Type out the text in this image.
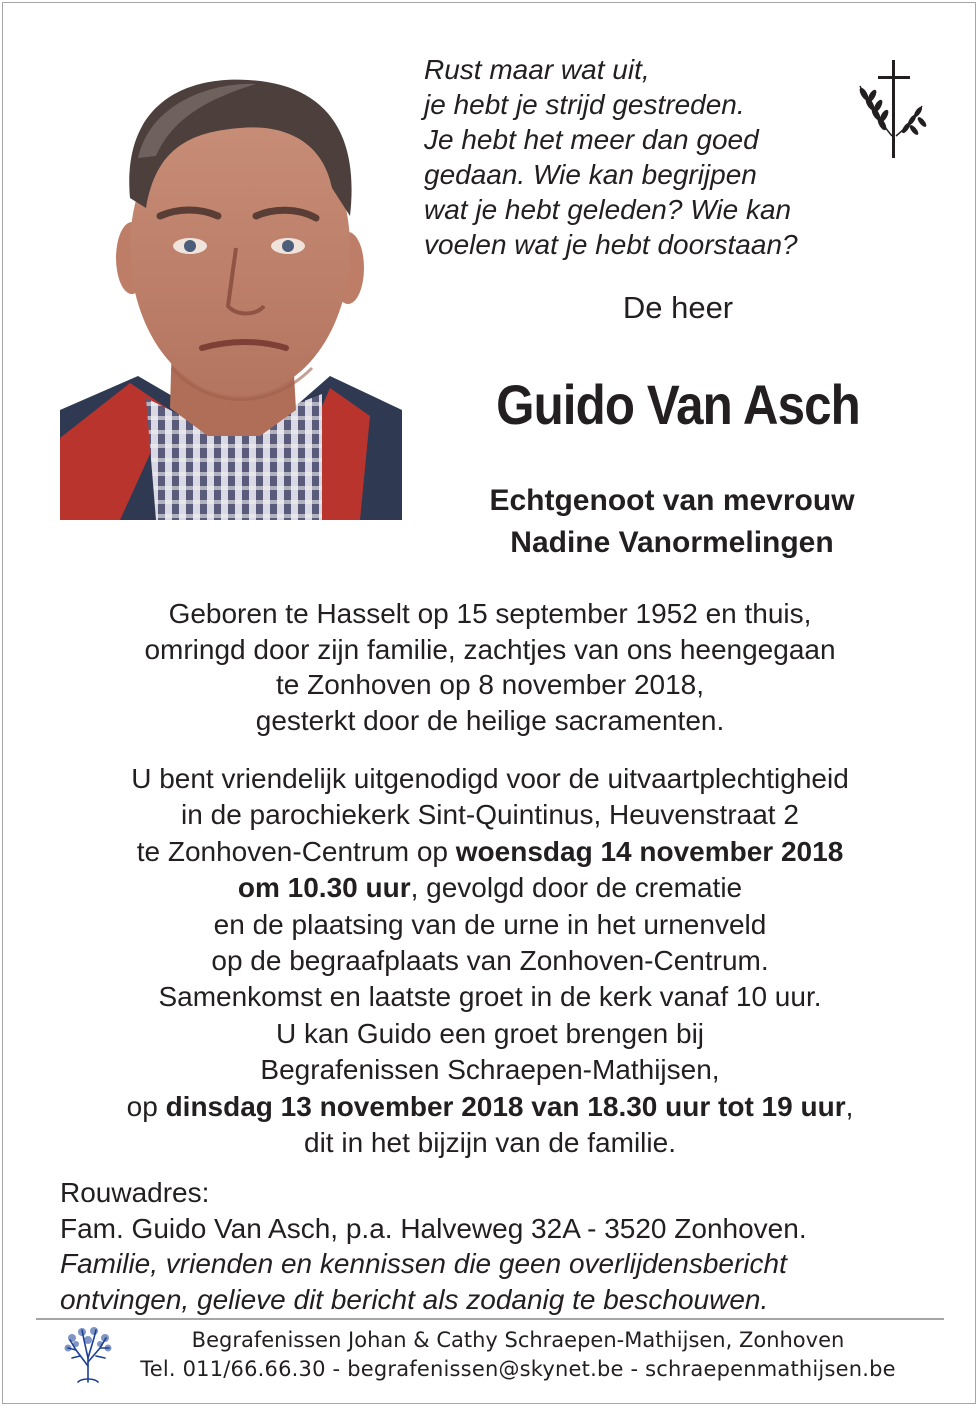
Rust maar wat uit,
je hebt je strijd gestreden.
Je hebt het meer dan goed
gedaan. Wie kan begrijpen
wat je hebt geleden? Wie kan
voelen wat je hebt doorstaan?
De heer
Guido Van Asch
Echtgenoot van mevrouw
Nadine Vanormelingen
Geboren te Hasselt op 15 september 1952 en thuis,
omringd door zijn familie, zachtjes van ons heengegaan
te Zonhoven op 8 november 2018,
gesterkt door de heilige sacramenten.
U bent vriendelijk uitgenodigd voor de uitvaartplechtigheid
in de parochiekerk Sint-Quintinus, Heuvenstraat 2
te Zonhoven-Centrum op woensdag 14 november 2018
om 10.30 uur, gevolgd door de crematie
en de plaatsing van de urne in het urnenveld
op de begraafplaats van Zonhoven-Centrum.
Samenkomst en laatste groet in de kerk vanaf 10 uur.
U kan Guido een groet brengen bij
Begrafenissen Schraepen-Mathijsen,
op dinsdag 13 november 2018 van 18.30 uur tot 19 uur,
dit in het bijzijn van de familie.
Rouwadres:
Fam. Guido Van Asch, p.a. Halveweg 32A - 3520 Zonhoven.
Familie, vrienden en kennissen die geen overlijdensbericht
ontvingen, gelieve dit bericht als zodanig te beschouwen.
Begrafenissen Johan & Cathy Schraepen-Mathijsen, Zonhoven
Tel. 011/66.66.30 - begrafenissen@skynet.be - schraepenmathijsen.be
